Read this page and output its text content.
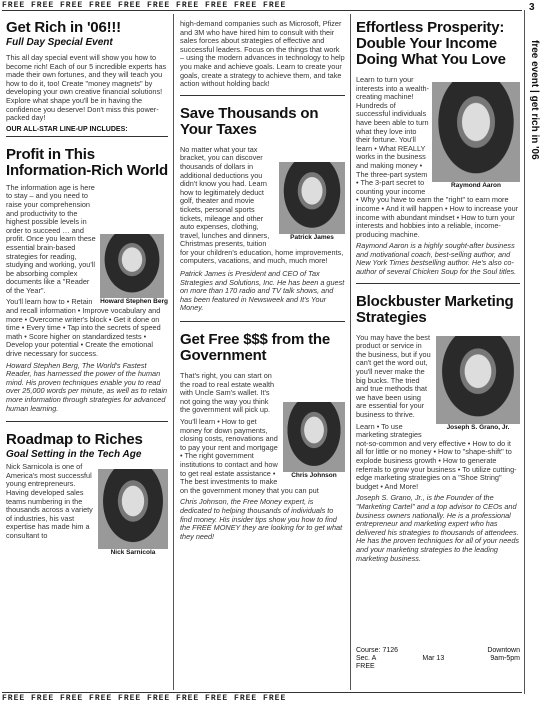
FREE FREE FREE FREE FREE FREE FREE FREE FREE FREE	3
free event | get rich in '06
Get Rich in '06!!!
Full Day Special Event

This all day special event will show you how to become rich! Each of our 5 incredible experts has made their own fortunes, and they will teach you how to do it, too! Create "money magnets" by developing your own creative financial solutions! Explore what shape you'll be in having the confidence you deserve! Don't miss this power-packed day!

OUR ALL-STAR LINE-UP INCLUDES:
Profit in This Information-Rich World
Howard Stephen Berg

The information age is here to stay – and you need to raise your comprehension and productivity to the highest possible levels in order to succeed … and profit. Once you learn these essential brain-based strategies for reading, studying and working, you'll be absorbing complex documents like a "Reader of the Year".

You'll learn how to • Retain and recall information • Improve vocabulary and more • Overcome writer's block • Get it done on time • Every time • Tap into the secrets of speed math • Score higher on standardized tests • Develop your potential • Create the emotional drive necessary for success.

Howard Stephen Berg, The World's Fastest Reader, has harnessed the power of the human mind. His proven techniques enable you to read over 25,000 words per minute, as well as to retain more information through strategies for advanced human learning.

Roadmap to Riches
Goal Setting in the Tech Age
Nick Sarnicola

Nick Sarnicola is one of America's most successful young entrepreneurs. Having developed sales teams numbering in the thousands across a variety of industries, his vast expertise has made him a consultant to

high-demand companies such as Microsoft, Pfizer and 3M who have hired him to consult with their sales forces about strategies of effective and successful leaders. Focus on the things that work – using the modern advances in technology to help you make and achieve goals. Learn to create your goals, create a strategy to achieve them, and take action without holding back!

Save Thousands on Your Taxes
Patrick James

No matter what your tax bracket, you can discover thousands of dollars in additional deductions you didn't know you had. Learn how to legitimately deduct golf, theater and movie tickets, personal sports tickets, mileage and other auto expenses, clothing, travel, lunches and dinners, Christmas presents, tuition for your children's education, home improvements, computers, vacations, and much, much more!

Patrick James is President and CEO of Tax Strategies and Solutions, Inc. He has been a guest on more than 170 radio and TV talk shows, and has been featured in Newsweek and It's Your Money.

Get Free $$$ from the Government
Chris Johnson

That's right, you can start on the road to real estate wealth with Uncle Sam's wallet. It's not going the way you think the government will pick up.

You'll learn • How to get money for down payments, closing costs, renovations and to pay your rent and mortgage • The right government institutions to contact and how to get real estate assistance • The best investments to make on the government money that you can put

Chris Johnson, the Free Money expert, is dedicated to helping thousands of individuals to find money. His insider tips show you how to find the FREE MONEY they are looking for to get what they need!

Effortless Prosperity: Double Your Income Doing What You Love
Raymond Aaron

Learn to turn your interests into a wealth-creating machine! Hundreds of successful individuals have been able to turn what they love into their fortune. You'll learn • What REALLY works in the business and making money • The three-part system • The 3-part secret to counting your income • Why you have to earn the "right" to earn more income • And it will happen • How to increase your income with abundant mindset • How to turn your interests and hobbies into a reliable, income-producing machine.

Raymond Aaron is a highly sought-after business and motivational coach, best-selling author, and New York Times bestselling author. He's also co-author of several Chicken Soup for the Soul titles.

Blockbuster Marketing Strategies
Joseph S. Grano, Jr.

You may have the best product or service in the business, but if you can't get the word out, you'll never make the big bucks. The tried and true methods that we have been using are essential for your business to thrive.

Learn • To use marketing strategies not-so-common and very effective • How to do it all for little or no money • How to "shape-shift" to explode business growth • How to generate referrals to grow your business • To utilize cutting-edge marketing strategies on a "Shoe String" budget • And More!

Joseph S. Grano, Jr., is the Founder of the "Marketing Cartel" and a top advisor to CEOs and business owners nationally. He is a professional entrepreneur and marketing expert who has delivered his strategies to thousands of attendees. He has the proven techniques for all of your needs and your marketing strategies to the leading marketing business.

Course: 7126	Downtown
Sec. A	Mar 13	9am-5pm
FREE
FREE FREE FREE FREE FREE FREE FREE FREE FREE FREE
